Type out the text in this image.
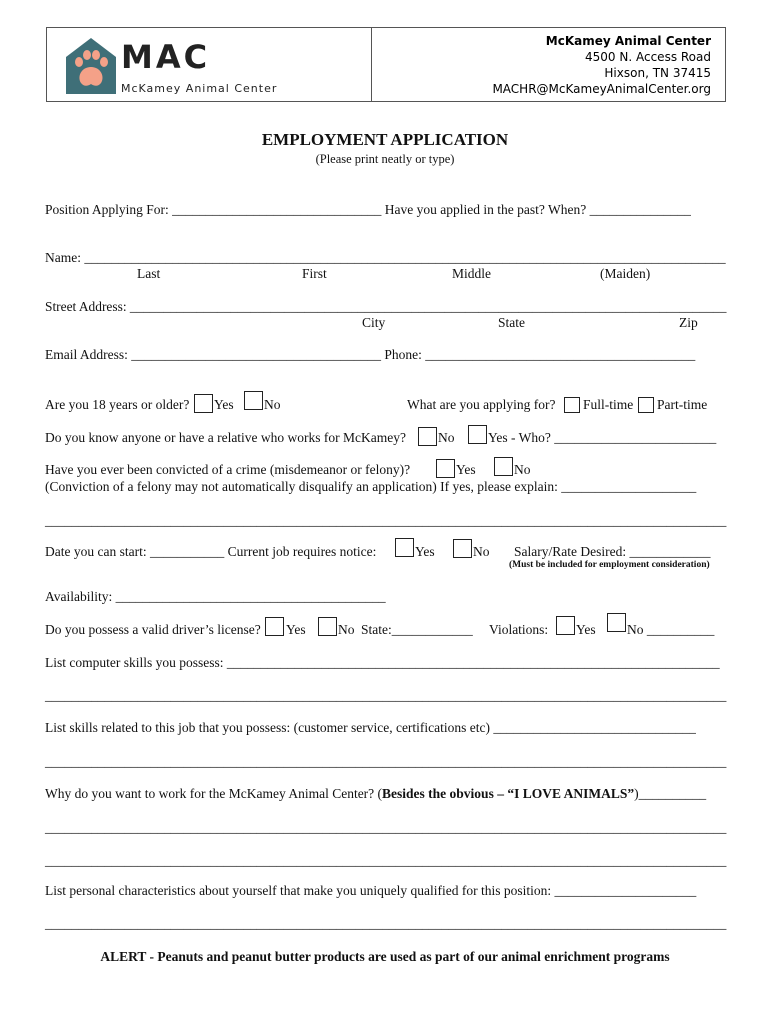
MAC
McKamey Animal Center
McKamey Animal Center
4500 N. Access Road
Hixson, TN 37415
MACHR@McKameyAnimalCenter.org
EMPLOYMENT APPLICATION
(Please print neatly or type)
Position Applying For: _______________________________ Have you applied in the past? When? _______________
Name: _______________________________________________________________________________________________
Last	First	Middle	(Maiden)
Street Address: _________________________________________________________________________________________
City	State	Zip
Email Address: _____________________________________ Phone: ________________________________________
Are you 18 years or older? Yes No	What are you applying for? Full-time Part-time
Do you know anyone or have a relative who works for McKamey? No Yes - Who? ________________________
Have you ever been convicted of a crime (misdemeanor or felony)?	Yes	No
(Conviction of a felony may not automatically disqualify an application) If yes, please explain: ____________________
_______________________________________________________________________________________________________
Date you can start: ___________ Current job requires notice:	Yes	No Salary/Rate Desired: ____________
(Must be included for employment consideration)
Availability: ________________________________________
Do you possess a valid driver’s license? Yes No State:____________ Violations: Yes No __________
List computer skills you possess: _________________________________________________________________________
_______________________________________________________________________________________________________
List skills related to this job that you possess: (customer service, certifications etc) ______________________________
_______________________________________________________________________________________________________
Why do you want to work for the McKamey Animal Center? (Besides the obvious – “I LOVE ANIMALS”)__________
_______________________________________________________________________________________________________
_______________________________________________________________________________________________________
List personal characteristics about yourself that make you uniquely qualified for this position: _____________________
_______________________________________________________________________________________________________
ALERT - Peanuts and peanut butter products are used as part of our animal enrichment programs
